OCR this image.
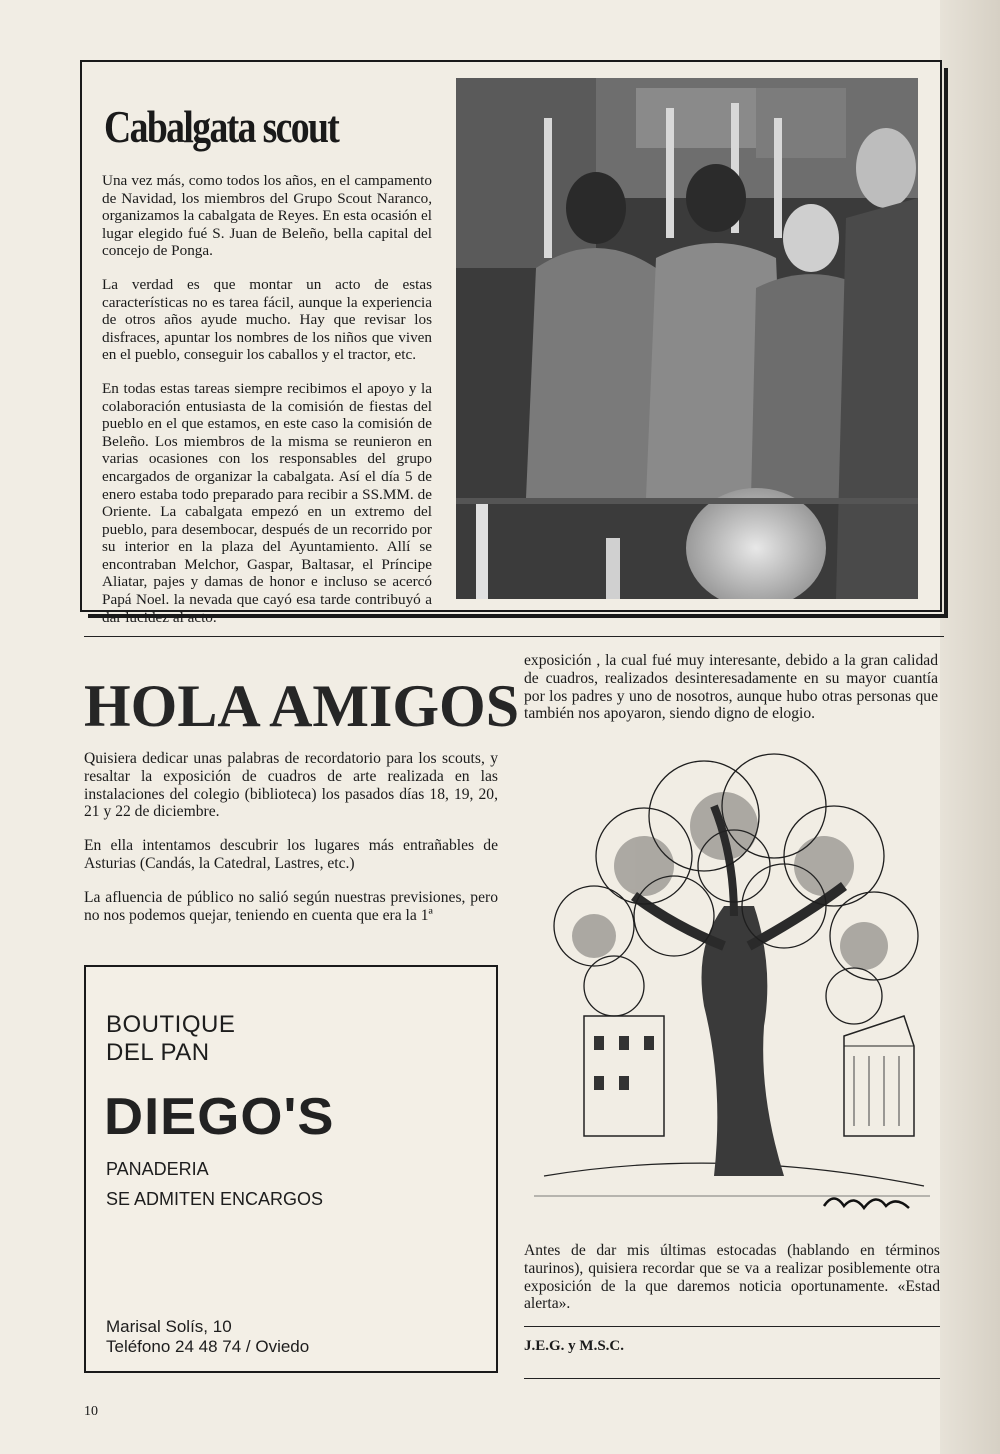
Cabalgata scout

Una vez más, como todos los años, en el campamento de Navidad, los miembros del Grupo Scout Naranco, organizamos la cabalgata de Reyes. En esta ocasión el lugar elegido fué S. Juan de Beleño, bella capital del concejo de Ponga.

La verdad es que montar un acto de estas características no es tarea fácil, aunque la experiencia de otros años ayude mucho. Hay que revisar los disfraces, apuntar los nombres de los niños que viven en el pueblo, conseguir los caballos y el tractor, etc.

En todas estas tareas siempre recibimos el apoyo y la colaboración entusiasta de la comisión de fiestas del pueblo en el que estamos, en este caso la comisión de Beleño. Los miembros de la misma se reunieron en varias ocasiones con los responsables del grupo encargados de organizar la cabalgata. Así el día 5 de enero estaba todo preparado para recibir a SS.MM. de Oriente. La cabalgata empezó en un extremo del pueblo, para desembocar, después de un recorrido por su interior en la plaza del Ayuntamiento. Allí se encontraban Melchor, Gaspar, Baltasar, el Príncipe Aliatar, pajes y damas de honor e incluso se acercó Papá Noel. la nevada que cayó esa tarde contribuyó a dar lucidez al acto.

HOLA AMIGOS

Quisiera dedicar unas palabras de recordatorio para los scouts, y resaltar la exposición de cuadros de arte realizada en las instalaciones del colegio (biblioteca) los pasados días 18, 19, 20, 21 y 22 de diciembre.

En ella intentamos descubrir los lugares más entrañables de Asturias (Candás, la Catedral, Lastres, etc.)

La afluencia de público no salió según nuestras previsiones, pero no nos podemos quejar, teniendo en cuenta que era la 1ª

exposición , la cual fué muy interesante, debido a la gran calidad de cuadros, realizados desinteresadamente en su mayor cuantía por los padres y uno de nosotros, aunque hubo otras personas que también nos apoyaron, siendo digno de elogio.

Antes de dar mis últimas estocadas (hablando en términos taurinos), quisiera recordar que se va a realizar posiblemente otra exposición de la que daremos noticia oportunamente. «Estad alerta».

J.E.G. y M.S.C.
BOUTIQUE
DEL PAN
DIEGO'S
PANADERIA
SE ADMITEN ENCARGOS
Marisal Solís, 10
Teléfono 24 48 74 / Oviedo
10
